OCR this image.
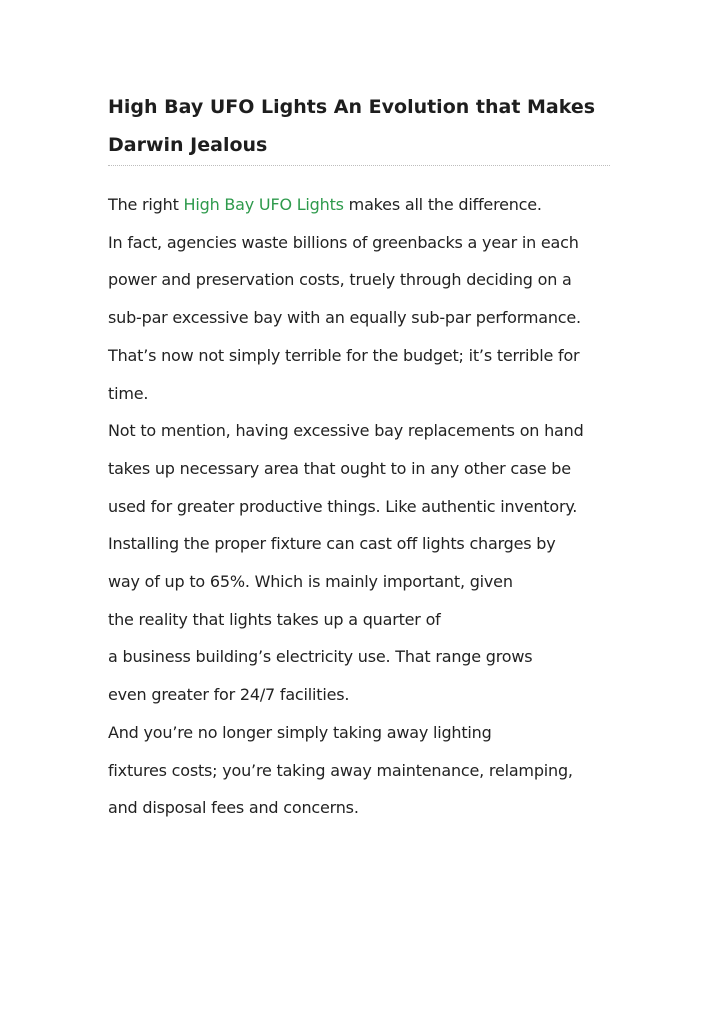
High Bay UFO Lights An Evolution that Makes
Darwin Jealous
The right High Bay UFO Lights makes all the difference.
In fact, agencies waste billions of greenbacks a year in each
power and preservation costs, truely through deciding on a
sub-par excessive bay with an equally sub-par performance.
That’s now not simply terrible for the budget; it’s terrible for
time.
Not to mention, having excessive bay replacements on hand
takes up necessary area that ought to in any other case be
used for greater productive things. Like authentic inventory.
Installing the proper fixture can cast off lights charges by
way of up to 65%. Which is mainly important, given
the reality that lights takes up a quarter of
a business building’s electricity use. That range grows
even greater for 24/7 facilities.
And you’re no longer simply taking away lighting
fixtures costs; you’re taking away maintenance, relamping,
and disposal fees and concerns.
